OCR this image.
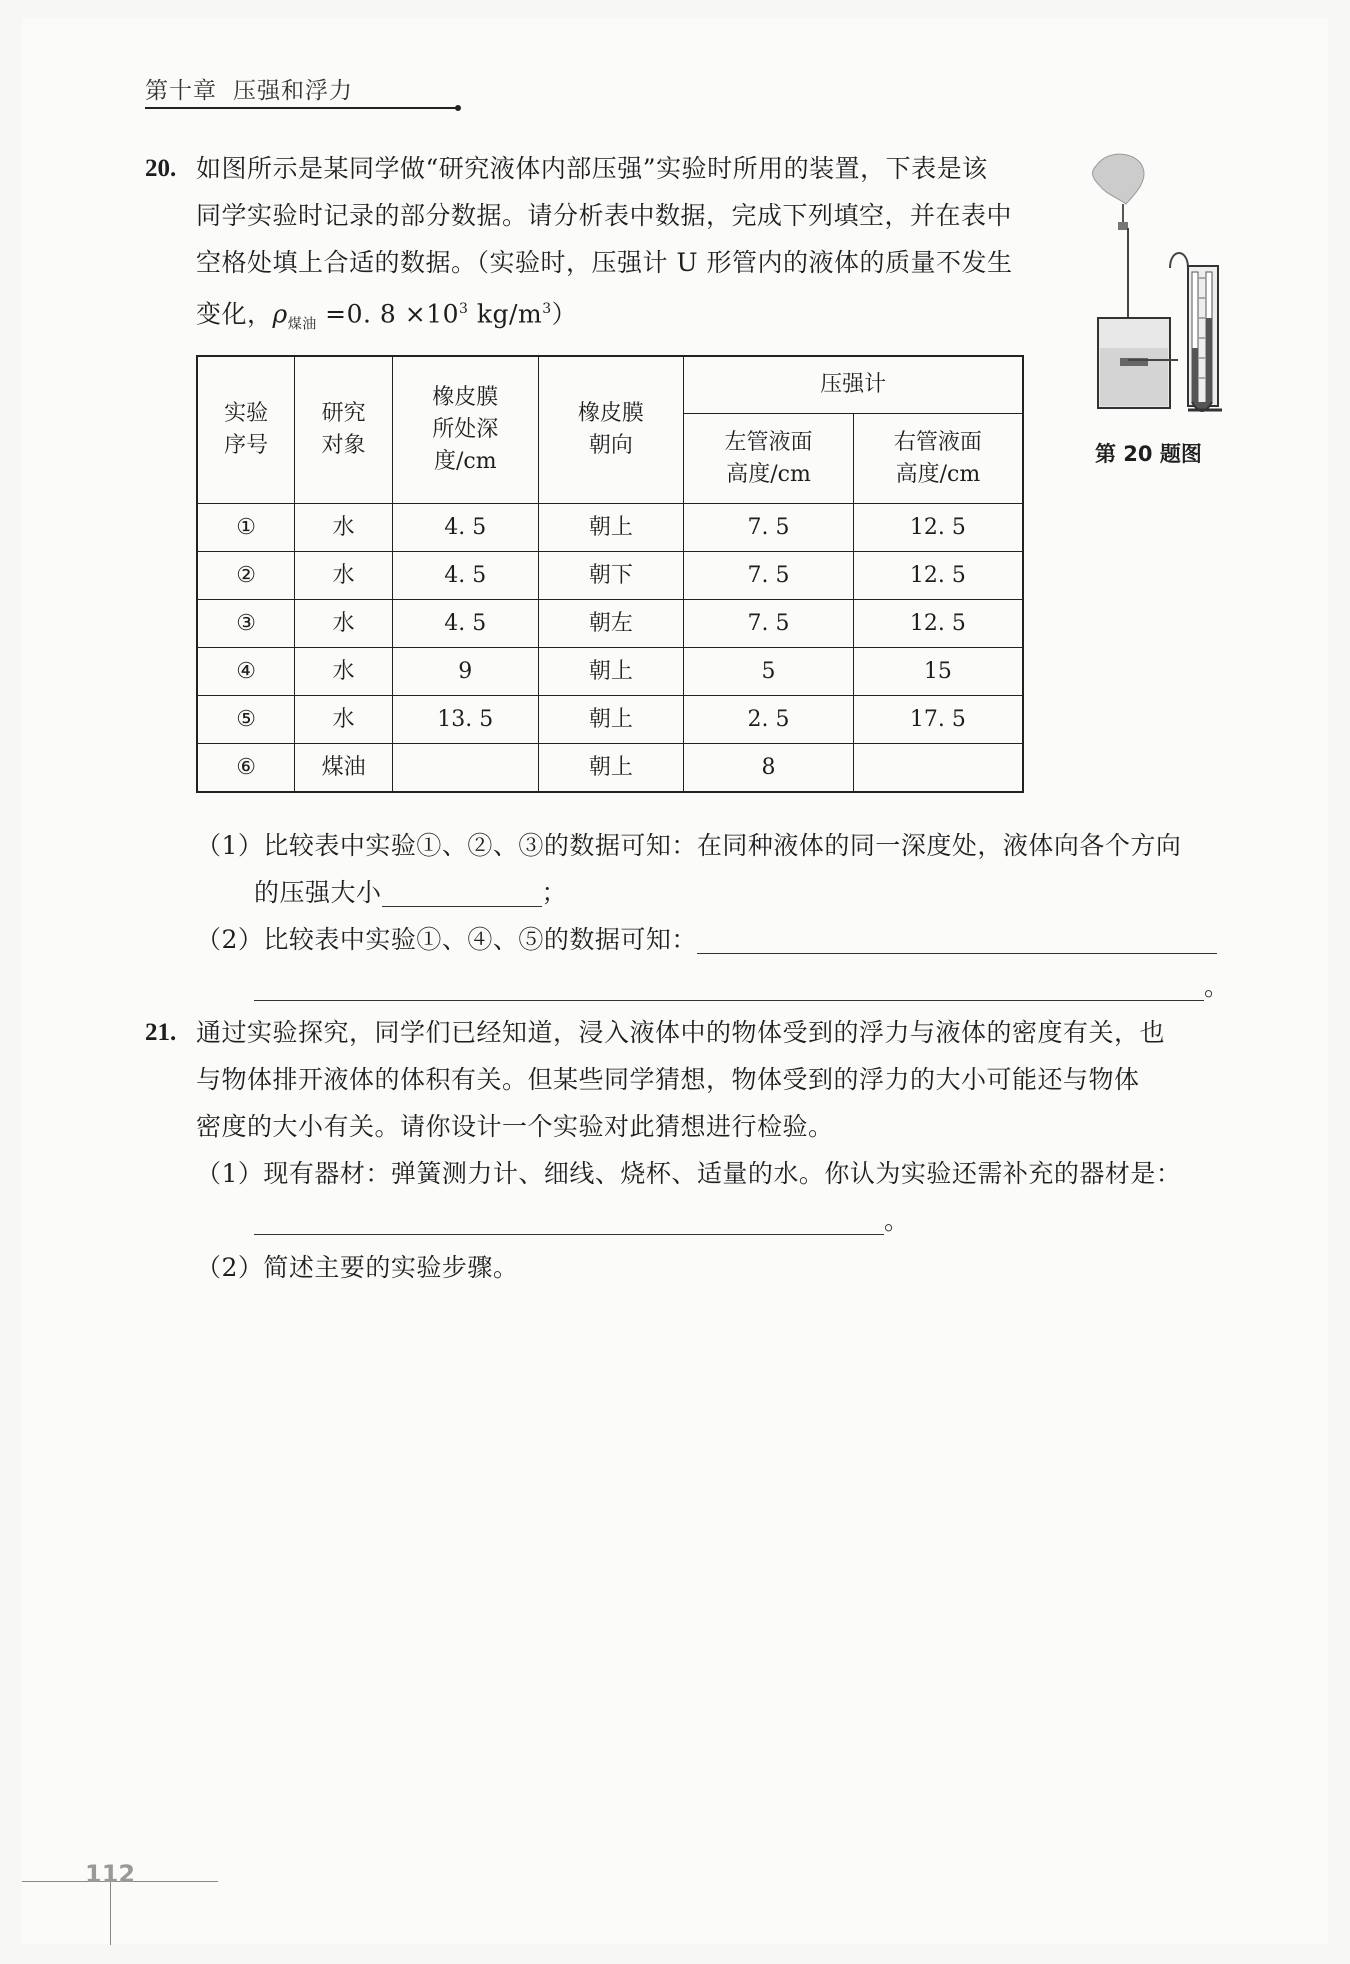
第十章 压强和浮力
20. 如图所示是某同学做“研究液体内部压强”实验时所用的装置，下表是该
同学实验时记录的部分数据。请分析表中数据，完成下列填空，并在表中
空格处填上合适的数据。（实验时，压强计 U 形管内的液体的质量不发生
变化，$\rho_{煤油} =0$. $8 \times 10^3$ $kg/m^3$）
第 20 题图
实验序号	研究对象	橡皮膜所处深度/cm	橡皮膜朝向	压强计	
				左管液面高度/cm	右管液面高度/cm
①	水	4. 5	朝上	7. 5	12. 5
②	水	4. 5	朝下	7. 5	12. 5
③	水	4. 5	朝左	7. 5	12. 5
④	水	9	朝上	5	15
⑤	水	13. 5	朝上	2. 5	17. 5
⑥	煤油		朝上	8	
（1）比较表中实验①、②、③的数据可知：在同种液体的同一深度处，液体向各个方向
的压强大小	；
（2）比较表中实验①、④、⑤的数据可知：
。
21. 通过实验探究，同学们已经知道，浸入液体中的物体受到的浮力与液体的密度有关，也
与物体排开液体的体积有关。但某些同学猜想，物体受到的浮力的大小可能还与物体
密度的大小有关。请你设计一个实验对此猜想进行检验。
（1）现有器材：弹簧测力计、细线、烧杯、适量的水。你认为实验还需补充的器材是：
。
（2）简述主要的实验步骤。
112
